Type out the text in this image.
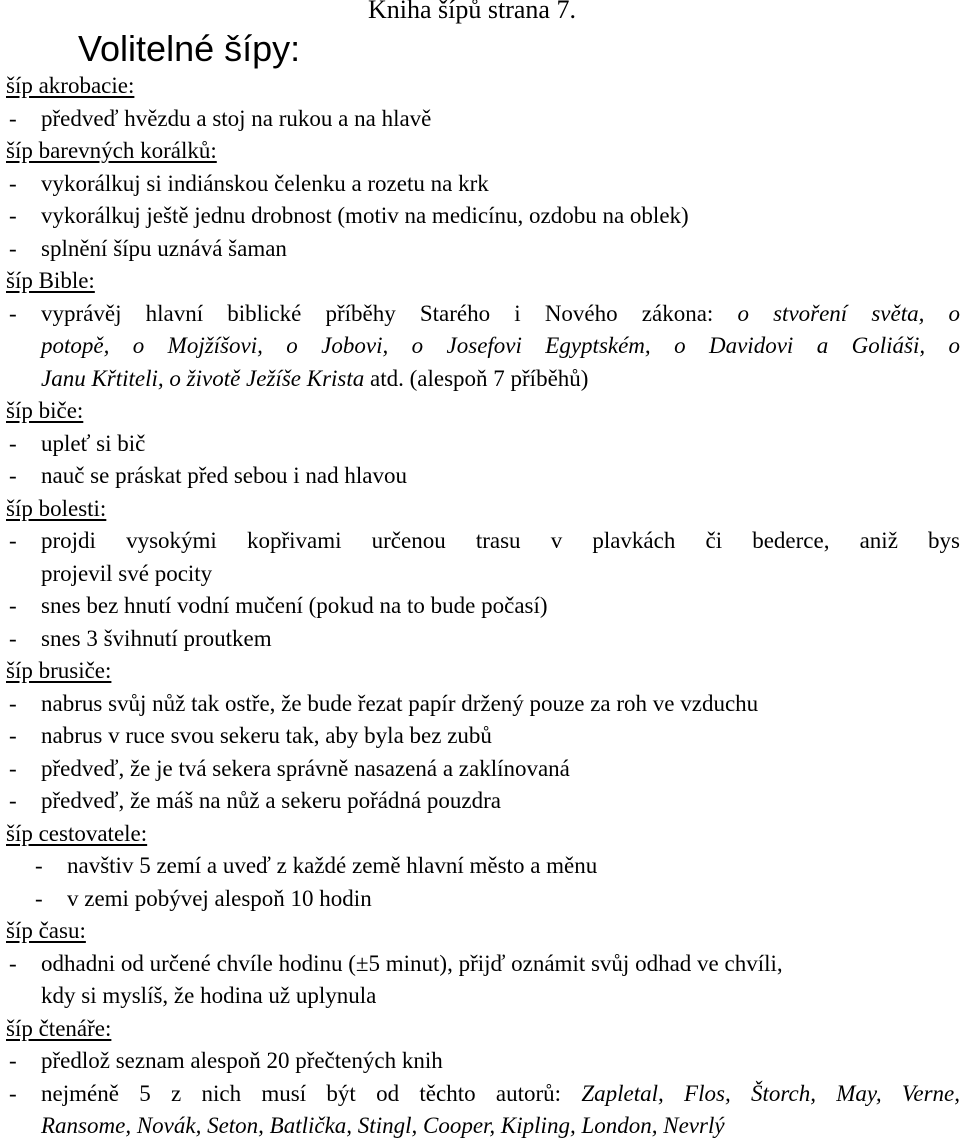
Kniha šípů strana 7.
Volitelné šípy:
šíp akrobacie:
- předveď hvězdu a stoj na rukou a na hlavě
šíp barevných korálků:
- vykorálkuj si indiánskou čelenku a rozetu na krk
- vykorálkuj ještě jednu drobnost (motiv na medicínu, ozdobu na oblek)
- splnění šípu uznává šaman
šíp Bible:
- vyprávěj hlavní biblické příběhy Starého i Nového zákona: o stvoření světa, o
potopě, o Mojžíšovi, o Jobovi, o Josefovi Egyptském, o Davidovi a Goliáši, o
Janu Křtiteli, o životě Ježíše Krista atd. (alespoň 7 příběhů)
šíp biče:
- upleť si bič
- nauč se práskat před sebou i nad hlavou
šíp bolesti:
- projdi vysokými kopřivami určenou trasu v plavkách či bederce, aniž bys
projevil své pocity
- snes bez hnutí vodní mučení (pokud na to bude počasí)
- snes 3 švihnutí proutkem
šíp brusiče:
- nabrus svůj nůž tak ostře, že bude řezat papír držený pouze za roh ve vzduchu
- nabrus v ruce svou sekeru tak, aby byla bez zubů
- předveď, že je tvá sekera správně nasazená a zaklínovaná
- předveď, že máš na nůž a sekeru pořádná pouzdra
šíp cestovatele:
- navštiv 5 zemí a uveď z každé země hlavní město a měnu
- v zemi pobývej alespoň 10 hodin
šíp času:
- odhadni od určené chvíle hodinu (±5 minut), přijď oznámit svůj odhad ve chvíli,
kdy si myslíš, že hodina už uplynula
šíp čtenáře:
- předlož seznam alespoň 20 přečtených knih
- nejméně 5 z nich musí být od těchto autorů: Zapletal, Flos, Štorch, May, Verne,
Ransome, Novák, Seton, Batlička, Stingl, Cooper, Kipling, London, Nevrlý
